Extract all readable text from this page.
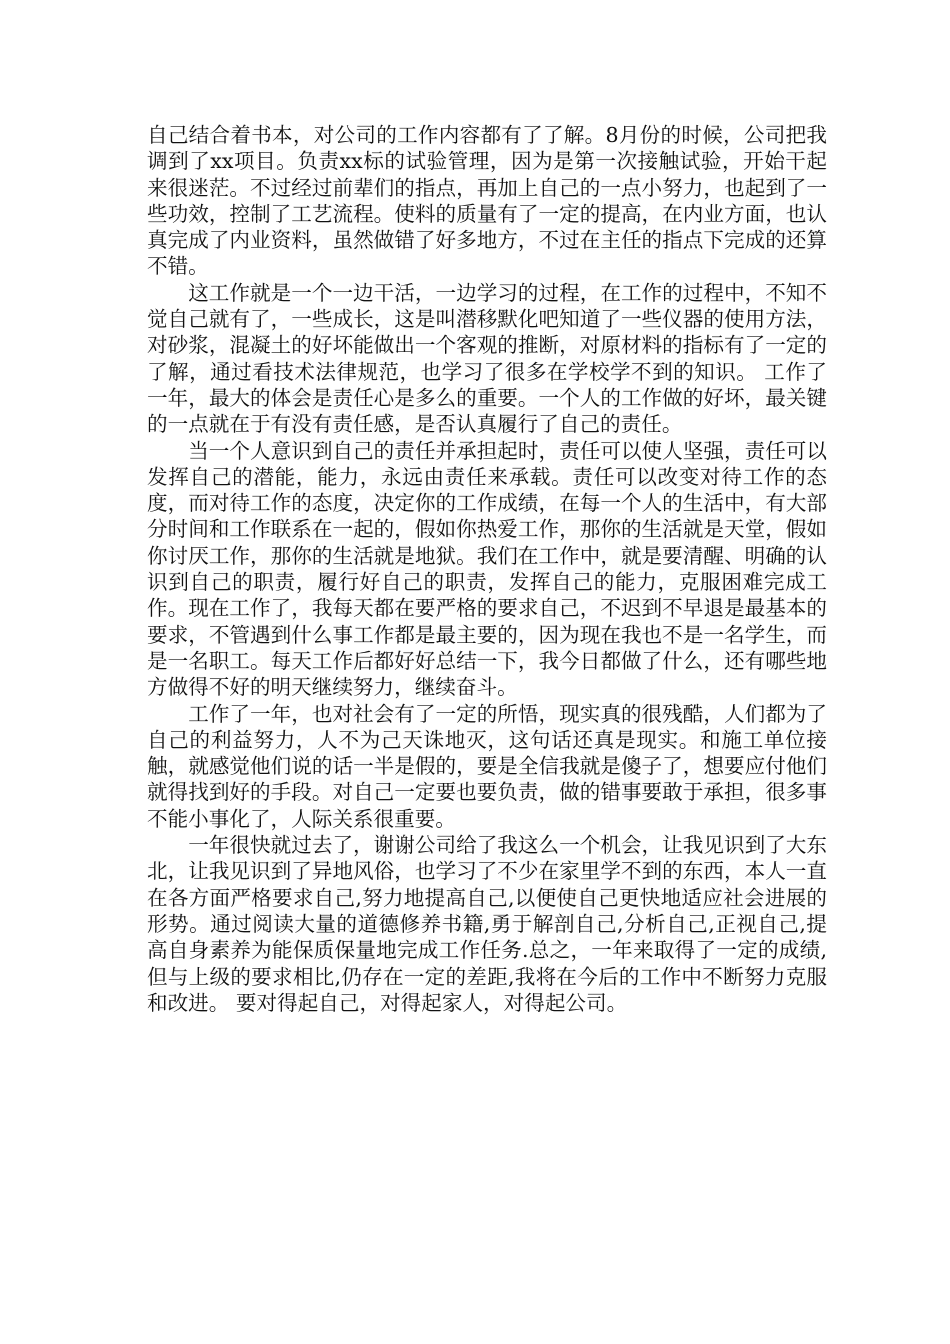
自己结合着书本，对公司的工作内容都有了了解。8月份的时候，公司把我调到了xx项目。负责xx标的试验管理，因为是第一次接触试验，开始干起来很迷茫。不过经过前辈们的指点，再加上自己的一点小努力，也起到了一些功效，控制了工艺流程。使料的质量有了一定的提高，在内业方面，也认真完成了内业资料，虽然做错了好多地方，不过在主任的指点下完成的还算不错。

这工作就是一个一边干活，一边学习的过程，在工作的过程中，不知不觉自己就有了，一些成长，这是叫潜移默化吧知道了一些仪器的使用方法，对砂浆，混凝土的好坏能做出一个客观的推断，对原材料的指标有了一定的了解，通过看技术法律规范，也学习了很多在学校学不到的知识。 工作了一年，最大的体会是责任心是多么的重要。一个人的工作做的好坏，最关键的一点就在于有没有责任感，是否认真履行了自己的责任。

当一个人意识到自己的责任并承担起时，责任可以使人坚强，责任可以发挥自己的潜能，能力，永远由责任来承载。责任可以改变对待工作的态度，而对待工作的态度，决定你的工作成绩，在每一个人的生活中，有大部分时间和工作联系在一起的，假如你热爱工作，那你的生活就是天堂，假如你讨厌工作，那你的生活就是地狱。我们在工作中，就是要清醒、明确的认识到自己的职责，履行好自己的职责，发挥自己的能力，克服困难完成工作。现在工作了，我每天都在要严格的要求自己，不迟到不早退是最基本的要求，不管遇到什么事工作都是最主要的，因为现在我也不是一名学生，而是一名职工。每天工作后都好好总结一下，我今日都做了什么，还有哪些地方做得不好的明天继续努力，继续奋斗。

工作了一年，也对社会有了一定的所悟，现实真的很残酷，人们都为了自己的利益努力，人不为己天诛地灭，这句话还真是现实。和施工单位接触，就感觉他们说的话一半是假的，要是全信我就是傻子了，想要应付他们就得找到好的手段。对自己一定要也要负责，做的错事要敢于承担，很多事不能小事化了，人际关系很重要。

一年很快就过去了，谢谢公司给了我这么一个机会，让我见识到了大东北，让我见识到了异地风俗，也学习了不少在家里学不到的东西，本人一直在各方面严格要求自己,努力地提高自己,以便使自己更快地适应社会进展的形势。通过阅读大量的道德修养书籍,勇于解剖自己,分析自己,正视自己,提高自身素养为能保质保量地完成工作任务.总之，一年来取得了一定的成绩,但与上级的要求相比,仍存在一定的差距,我将在今后的工作中不断努力克服和改进。 要对得起自己，对得起家人，对得起公司。
